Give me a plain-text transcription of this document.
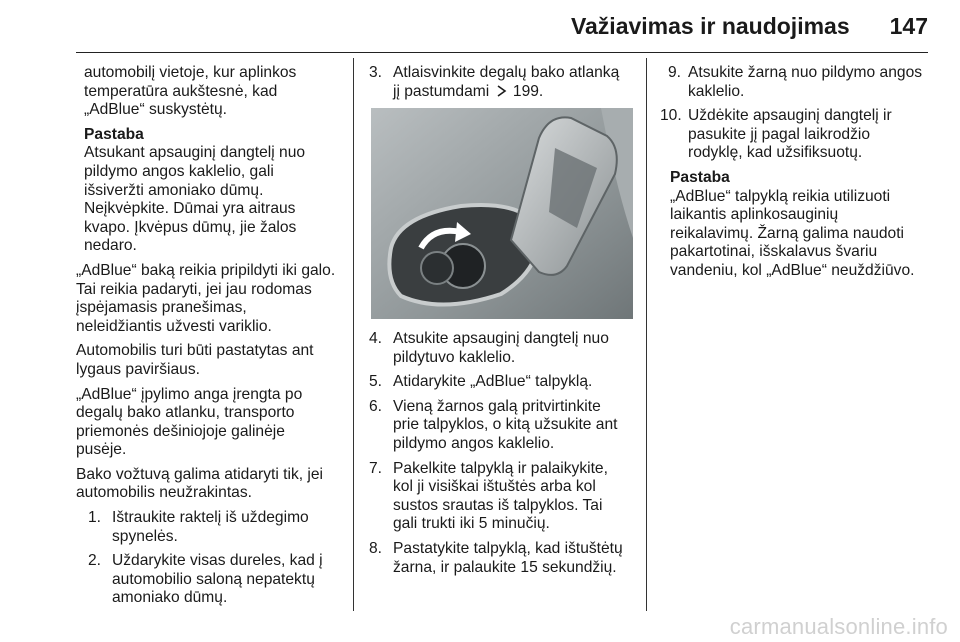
Važiavimas ir naudojimas 147
automobilį vietoje, kur aplinkos
temperatūra aukštesnė, kad
„AdBlue“ suskystėtų.
Pastaba
Atsukant apsauginį dangtelį nuo
pildymo angos kaklelio, gali
išsiveržti amoniako dūmų.
Neįkvėpkite. Dūmai yra aitraus
kvapo. Įkvėpus dūmų, jie žalos
nedaro.

„AdBlue“ baką reikia pripildyti iki galo.
Tai reikia padaryti, jei jau rodomas
įspėjamasis pranešimas,
neleidžiantis užvesti variklio.

Automobilis turi būti pastatytas ant
lygaus paviršiaus.

„AdBlue“ įpylimo anga įrengta po
degalų bako atlanku, transporto
priemonės dešiniojoje galinėje
pusėje.

Bako vožtuvą galima atidaryti tik, jei
automobilis neužrakintas.

1. Ištraukite raktelį iš uždegimo
spynelės.
2. Uždarykite visas dureles, kad į
automobilio saloną nepatektų
amoniako dūmų.
3. Atlaisvinkite degalų bako atlanką
jį pastumdami 199.
4. Atsukite apsauginį dangtelį nuo
pildytuvo kaklelio.
5. Atidarykite „AdBlue“ talpyklą.
6. Vieną žarnos galą pritvirtinkite
prie talpyklos, o kitą užsukite ant
pildymo angos kaklelio.
7. Pakelkite talpyklą ir palaikykite,
kol ji visiškai ištuštės arba kol
sustos srautas iš talpyklos. Tai
gali trukti iki 5 minučių.
8. Pastatykite talpyklą, kad ištuštėtų
žarna, ir palaukite 15 sekundžių.
9. Atsukite žarną nuo pildymo angos
kaklelio.
10. Uždėkite apsauginį dangtelį ir
pasukite jį pagal laikrodžio
rodyklę, kad užsifiksuotų.
Pastaba
„AdBlue“ talpyklą reikia utilizuoti
laikantis aplinkosauginių
reikalavimų. Žarną galima naudoti
pakartotinai, išskalavus švariu
vandeniu, kol „AdBlue“ neuždžiūvo.
carmanualsonline.info
